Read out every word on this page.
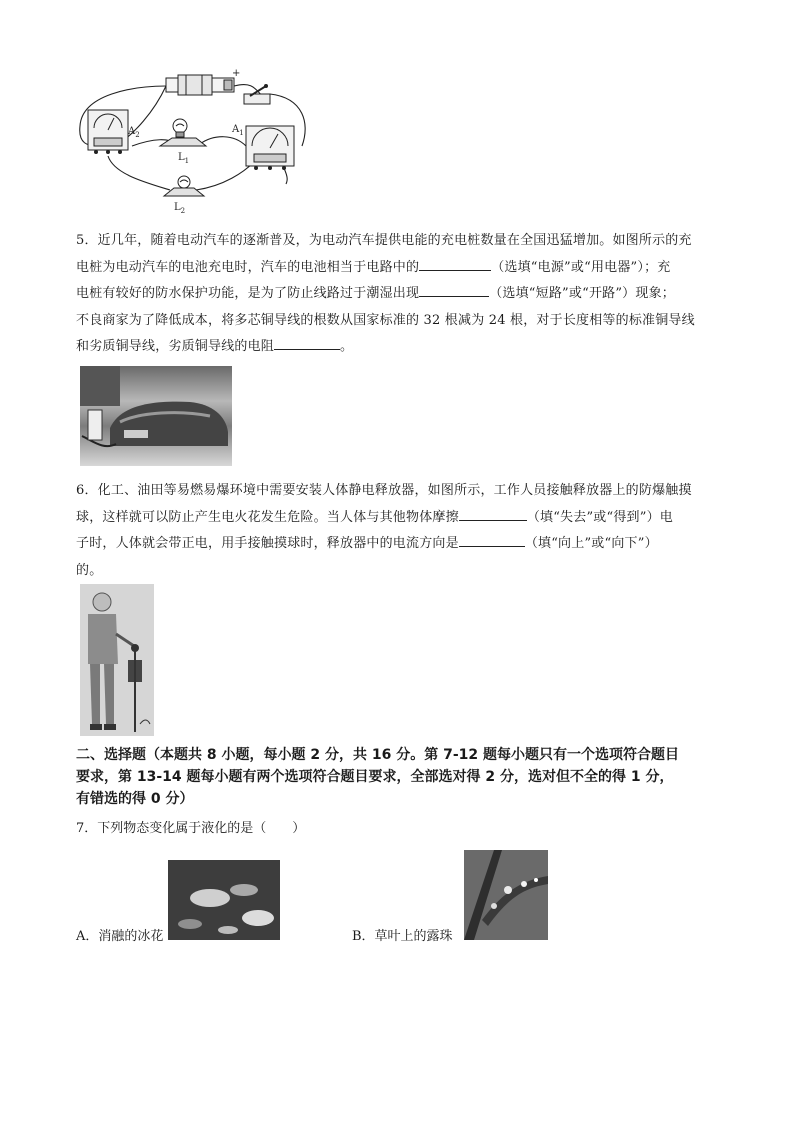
$A_2$	$A_1$
$L_1$
$L_2$
+
5．近几年，随着电动汽车的逐渐普及，为电动汽车提供电能的充电桩数量在全国迅猛增加。如图所示的充
电桩为电动汽车的电池充电时，汽车的电池相当于电路中的	（选填“电源”或“用电器”）；充
电桩有较好的防水保护功能，是为了防止线路过于潮湿出现	（选填“短路”或“开路”）现象；
不良商家为了降低成本，将多芯铜导线的根数从国家标准的 32 根减为 24 根，对于长度相等的标准铜导线
和劣质铜导线，劣质铜导线的电阻	。
6．化工、油田等易燃易爆环境中需要安装人体静电释放器，如图所示，工作人员接触释放器上的防爆触摸
球，这样就可以防止产生电火花发生危险。当人体与其他物体摩擦	（填“失去”或“得到”）电
子时，人体就会带正电，用手接触摸球时，释放器中的电流方向是	（填“向上”或“向下”）
的。
二、选择题（本题共 8 小题，每小题 2 分，共 16 分。第 7-12 题每小题只有一个选项符合题目
要求，第 13-14 题每小题有两个选项符合题目要求，全部选对得 2 分，选对但不全的得 1 分，
有错选的得 0 分）
7．下列物态变化属于液化的是（　　）
A．消融的冰花	B．草叶上的露珠
